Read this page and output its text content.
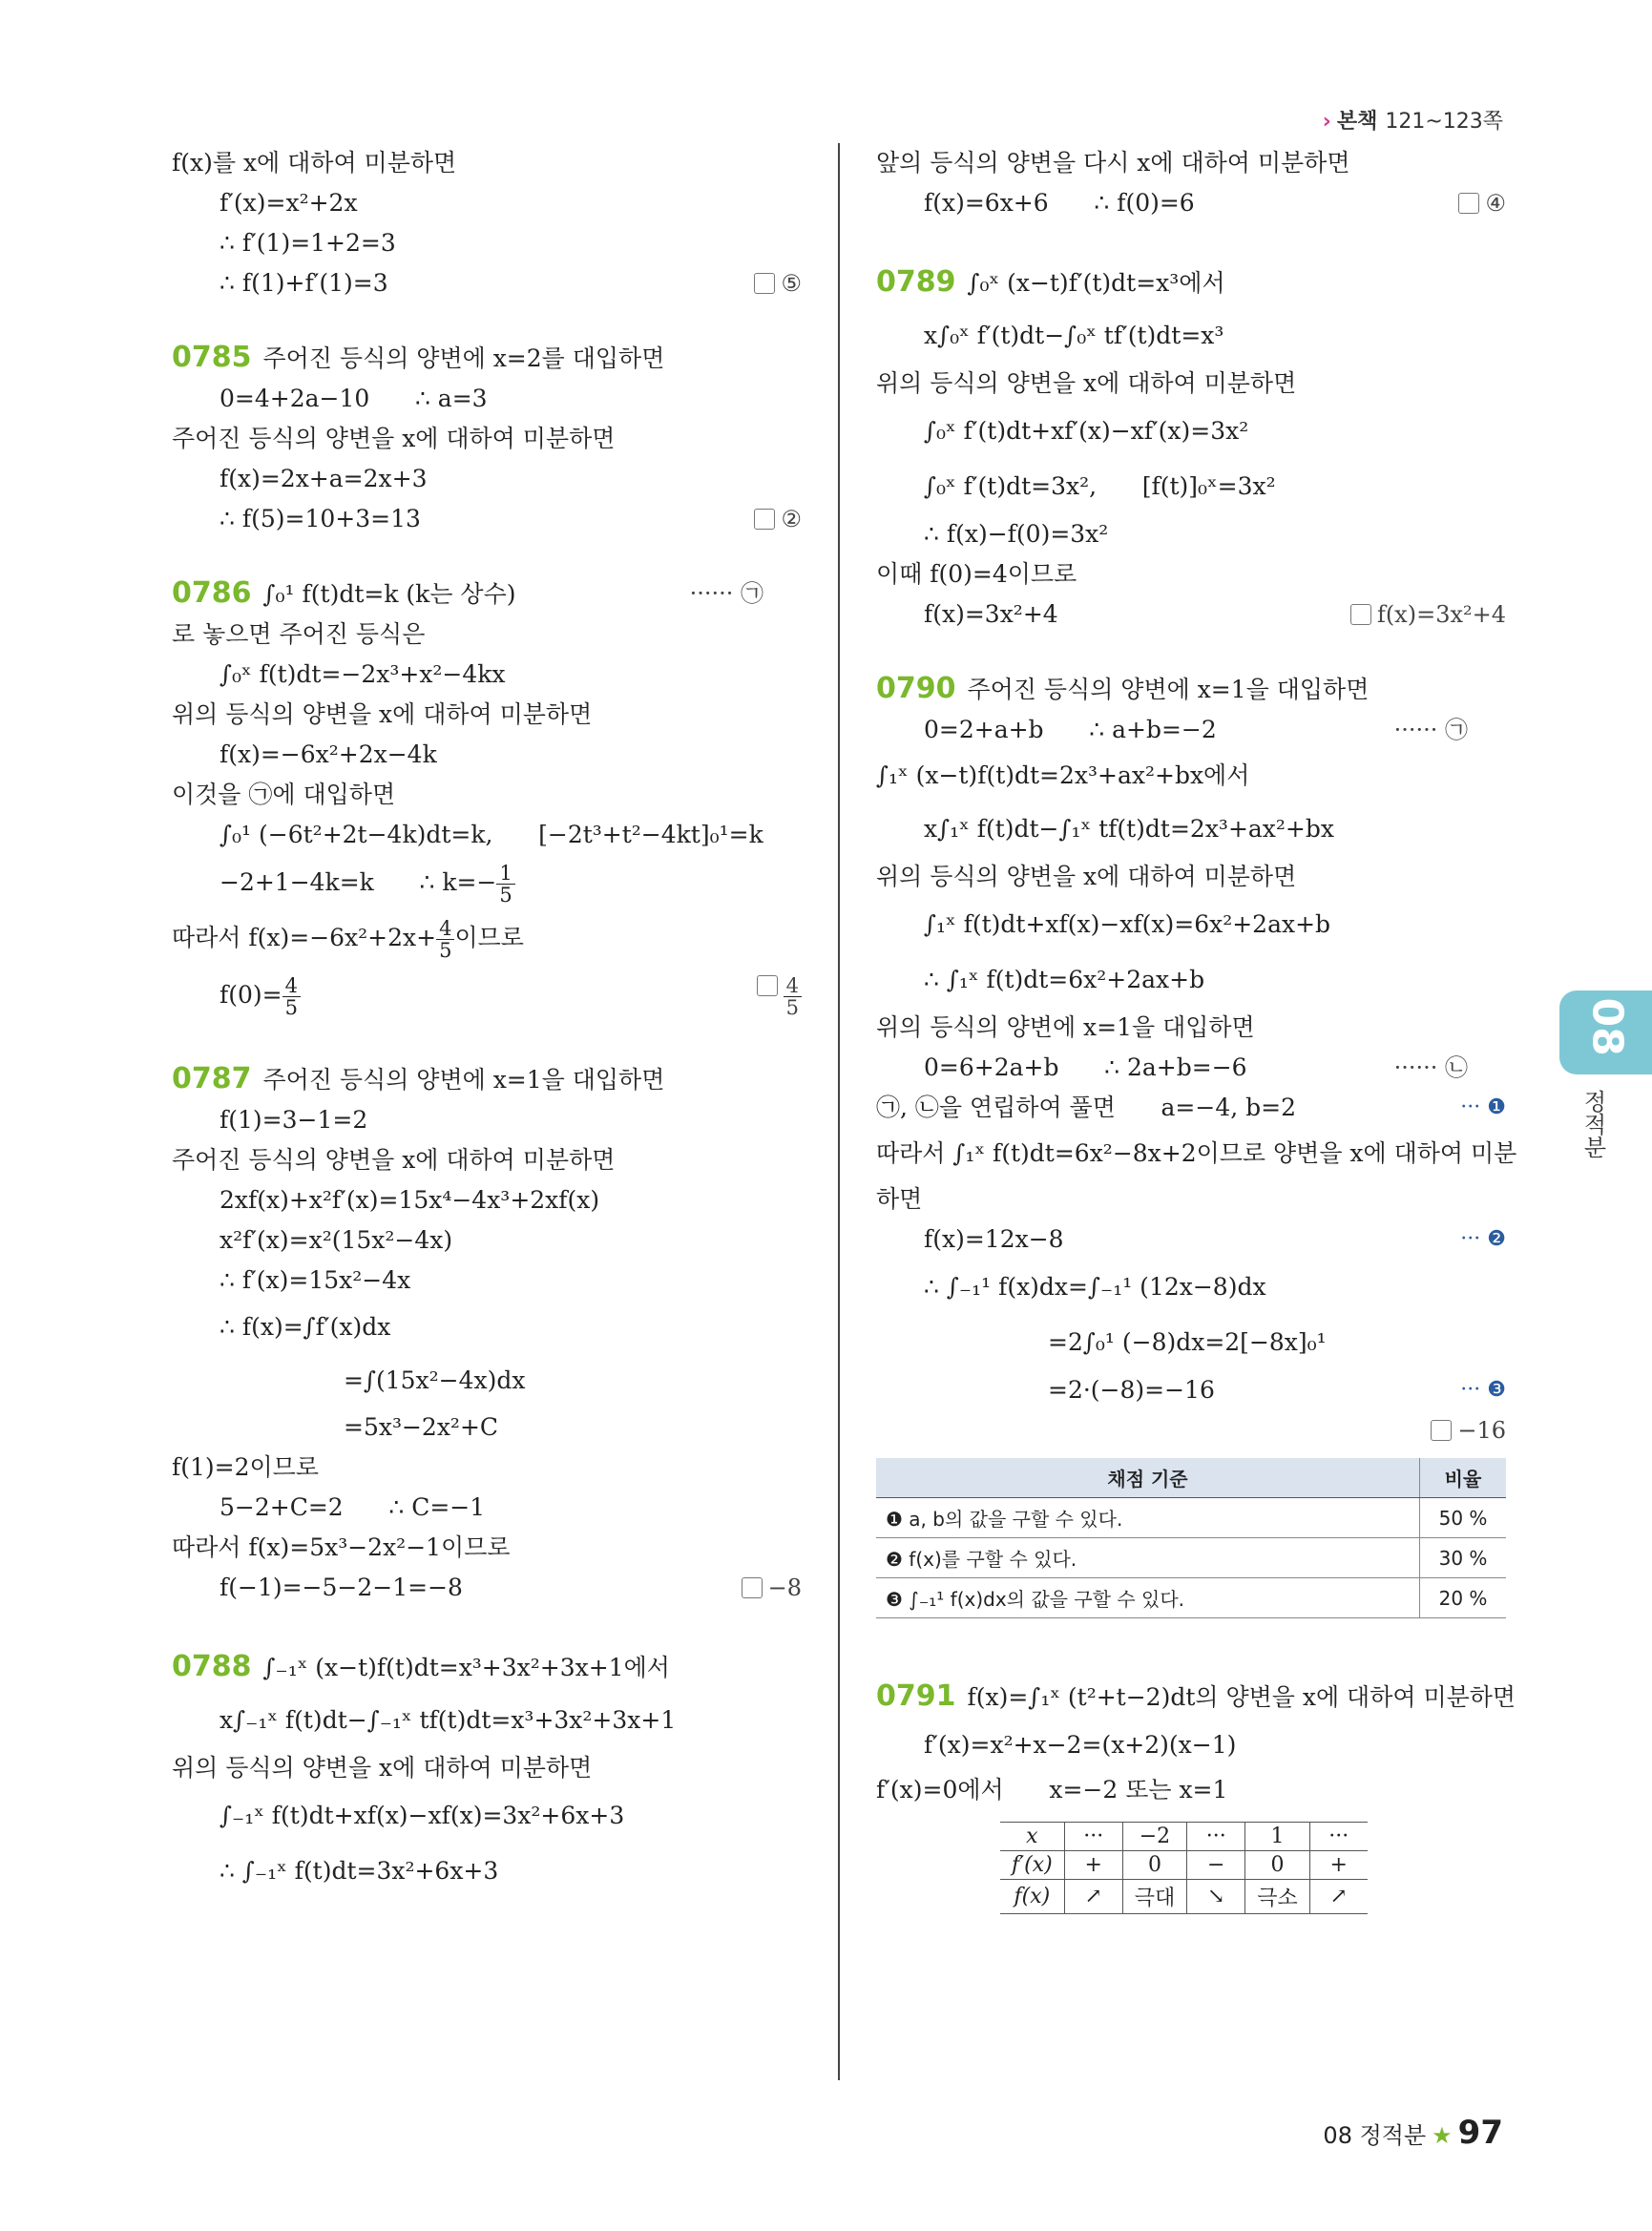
› 본책 121~123쪽
f(x)를 x에 대하여 미분하면
f′(x)=x²+2x
∴ f′(1)=1+2=3
∴ f(1)+f′(1)=3	⑤
0785 주어진 등식의 양변에 x=2를 대입하면
0=4+2a−10      ∴ a=3
주어진 등식의 양변을 x에 대하여 미분하면
f(x)=2x+a=2x+3
∴ f(5)=10+3=13	②
0786 ∫₀¹ f(t)dt=k (k는 상수)	······ ㉠
로 놓으면 주어진 등식은
∫₀ˣ f(t)dt=−2x³+x²−4kx
위의 등식의 양변을 x에 대하여 미분하면
f(x)=−6x²+2x−4k
이것을 ㉠에 대입하면
∫₀¹ (−6t²+2t−4k)dt=k,      [−2t³+t²−4kt]₀¹=k
−2+1−4k=k      ∴ $k=- \frac{1}{5}$
따라서 $f(x)=-6x^2+2x+ \frac{4}{5}$ 이므로
$f(0)= \frac{4}{5}$	$\frac{4}{5}$
0787 주어진 등식의 양변에 x=1을 대입하면
f(1)=3−1=2
주어진 등식의 양변을 x에 대하여 미분하면
2xf(x)+x²f′(x)=15x⁴−4x³+2xf(x)
x²f′(x)=x²(15x²−4x)
∴ f′(x)=15x²−4x
∴ f(x)=∫f′(x)dx
=∫(15x²−4x)dx
=5x³−2x²+C
f(1)=2이므로
5−2+C=2      ∴ C=−1
따라서 f(x)=5x³−2x²−1이므로
f(−1)=−5−2−1=−8	−8
0788 ∫₋₁ˣ (x−t)f(t)dt=x³+3x²+3x+1에서
x∫₋₁ˣ f(t)dt−∫₋₁ˣ tf(t)dt=x³+3x²+3x+1
위의 등식의 양변을 x에 대하여 미분하면
∫₋₁ˣ f(t)dt+xf(x)−xf(x)=3x²+6x+3
∴ ∫₋₁ˣ f(t)dt=3x²+6x+3
앞의 등식의 양변을 다시 x에 대하여 미분하면
f(x)=6x+6      ∴ f(0)=6	④
0789 ∫₀ˣ (x−t)f′(t)dt=x³에서
x∫₀ˣ f′(t)dt−∫₀ˣ tf′(t)dt=x³
위의 등식의 양변을 x에 대하여 미분하면
∫₀ˣ f′(t)dt+xf′(x)−xf′(x)=3x²
∫₀ˣ f′(t)dt=3x²,      [f(t)]₀ˣ=3x²
∴ f(x)−f(0)=3x²
이때 f(0)=4이므로
f(x)=3x²+4	f(x)=3x²+4
0790 주어진 등식의 양변에 x=1을 대입하면
0=2+a+b      ∴ a+b=−2	······ ㉠
∫₁ˣ (x−t)f(t)dt=2x³+ax²+bx에서
x∫₁ˣ f(t)dt−∫₁ˣ tf(t)dt=2x³+ax²+bx
위의 등식의 양변을 x에 대하여 미분하면
∫₁ˣ f(t)dt+xf(x)−xf(x)=6x²+2ax+b
∴ ∫₁ˣ f(t)dt=6x²+2ax+b
위의 등식의 양변에 x=1을 대입하면
0=6+2a+b      ∴ 2a+b=−6	······ ㉡
㉠, ㉡을 연립하여 풀면      a=−4, b=2	··· ❶
따라서 ∫₁ˣ f(t)dt=6x²−8x+2이므로 양변을 x에 대하여 미분
하면
f(x)=12x−8	··· ❷
∴ ∫₋₁¹ f(x)dx=∫₋₁¹ (12x−8)dx
=2∫₀¹ (−8)dx=2[−8x]₀¹
=2·(−8)=−16	··· ❸
−16

채점 기준	비율
❶ a, b의 값을 구할 수 있다.	50 %
❷ f(x)를 구할 수 있다.	30 %
❸ ∫₋₁¹ f(x)dx의 값을 구할 수 있다.	20 %
0791 f(x)=∫₁ˣ (t²+t−2)dt의 양변을 x에 대하여 미분하면
f′(x)=x²+x−2=(x+2)(x−1)
f′(x)=0에서      x=−2 또는 x=1
x	···	−2	···	1	···
f′(x)	+	0	−	0	+
f(x)	↗	극대	↘	극소	↗
08
정적분
08 정적분 ★ 97
